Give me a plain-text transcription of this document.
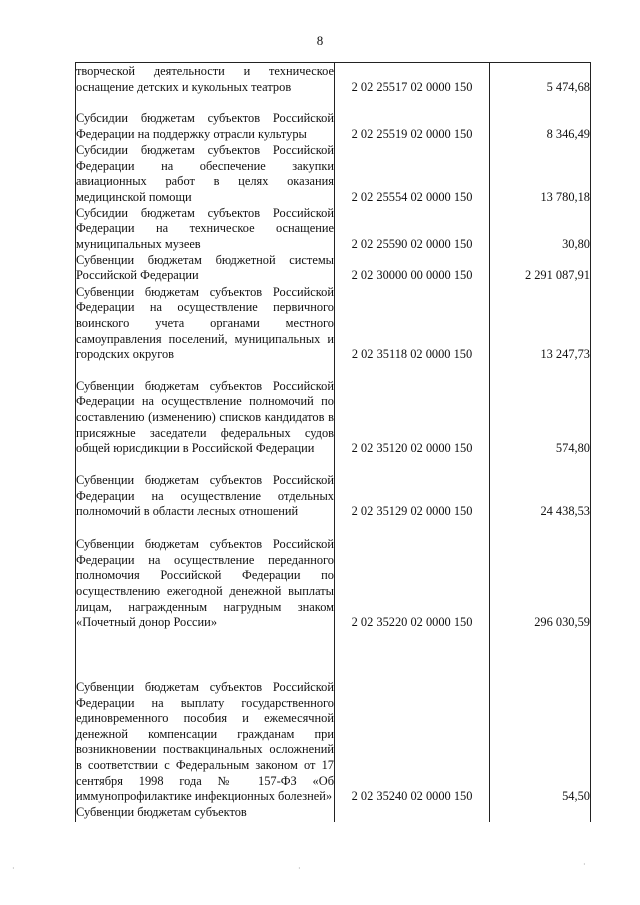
8
творческой деятельности и техническое оснащение детских и кукольных театров	2 02 25517 02 0000 150	5 474,68
Субсидии бюджетам субъектов Российской Федерации на поддержку отрасли культуры	2 02 25519 02 0000 150	8 346,49
Субсидии бюджетам субъектов Российской Федерации на обеспечение закупки авиационных работ в целях оказания медицинской помощи	2 02 25554 02 0000 150	13 780,18
Субсидии бюджетам субъектов Российской Федерации на техническое оснащение муниципальных музеев	2 02 25590 02 0000 150	30,80
Субвенции бюджетам бюджетной системы Российской Федерации	2 02 30000 00 0000 150	2 291 087,91
Субвенции бюджетам субъектов Российской Федерации на осуществление первичного воинского учета органами местного самоуправления поселений, муниципальных и городских округов	2 02 35118 02 0000 150	13 247,73
Субвенции бюджетам субъектов Российской Федерации на осуществление полномочий по составлению (изменению) списков кандидатов в присяжные заседатели федеральных судов общей юрисдикции в Российской Федерации	2 02 35120 02 0000 150	574,80
Субвенции бюджетам субъектов Российской Федерации на осуществление отдельных полномочий в области лесных отношений	2 02 35129 02 0000 150	24 438,53
Субвенции бюджетам субъектов Российской Федерации на осуществление переданного полномочия Российской Федерации по осуществлению ежегодной денежной выплаты лицам, награжденным нагрудным знаком «Почетный донор России»	2 02 35220 02 0000 150	296 030,59
Субвенции бюджетам субъектов Российской Федерации на выплату государственного единовременного пособия и ежемесячной денежной компенсации гражданам при возникновении поствакцинальных осложнений в соответствии с Федеральным законом от 17 сентября 1998 года № 157-ФЗ «Об иммунопрофилактике инфекционных болезней»	2 02 35240 02 0000 150	54,50
Субвенции бюджетам субъектов		
·	·	·
